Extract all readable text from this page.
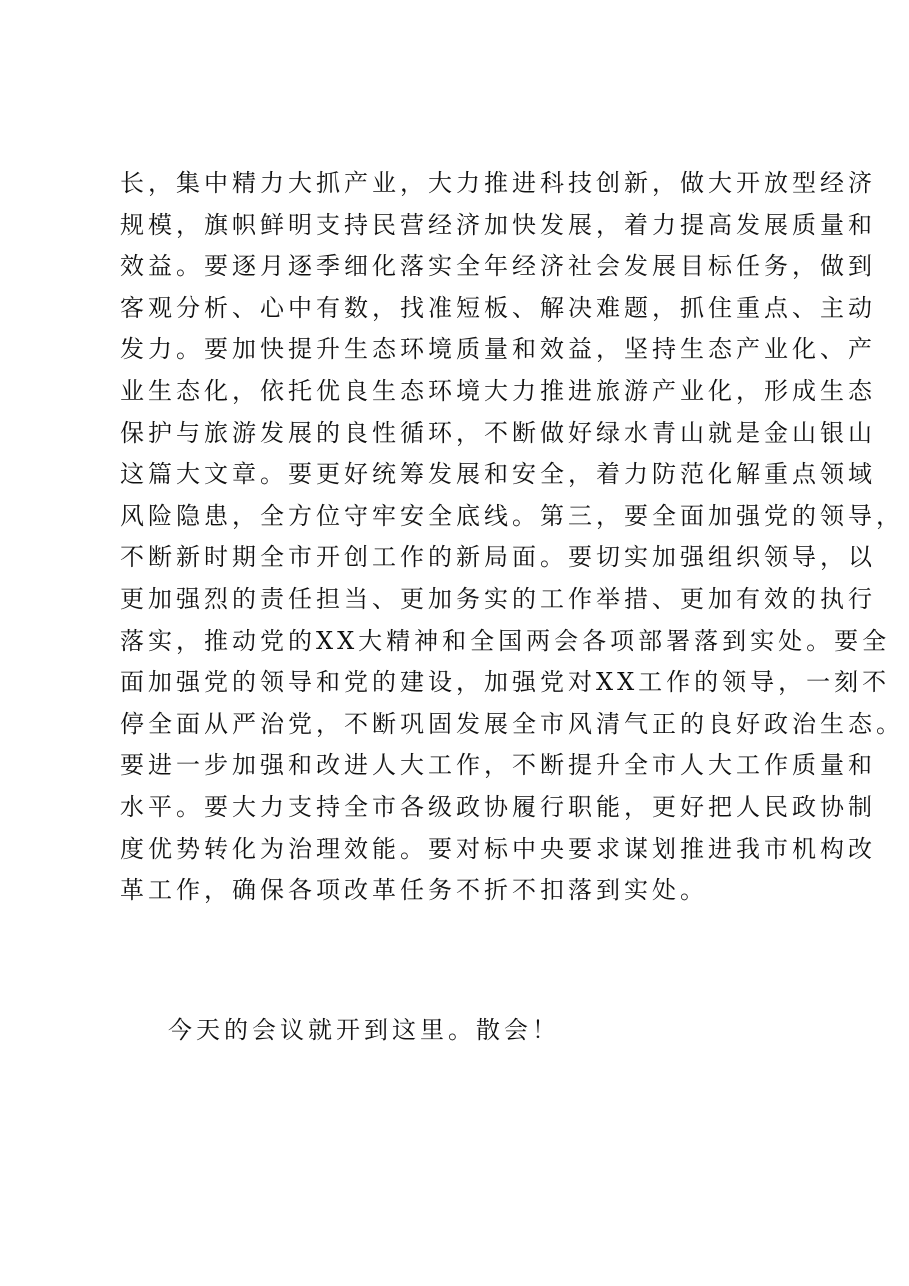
长，集中精力大抓产业，大力推进科技创新，做大开放型经济
规模，旗帜鲜明支持民营经济加快发展，着力提高发展质量和
效益。要逐月逐季细化落实全年经济社会发展目标任务，做到
客观分析、心中有数，找准短板、解决难题，抓住重点、主动
发力。要加快提升生态环境质量和效益，坚持生态产业化、产
业生态化，依托优良生态环境大力推进旅游产业化，形成生态
保护与旅游发展的良性循环，不断做好绿水青山就是金山银山
这篇大文章。要更好统筹发展和安全，着力防范化解重点领域
风险隐患，全方位守牢安全底线。第三，要全面加强党的领导，
不断新时期全市开创工作的新局面。要切实加强组织领导，以
更加强烈的责任担当、更加务实的工作举措、更加有效的执行
落实，推动党的XX大精神和全国两会各项部署落到实处。要全
面加强党的领导和党的建设，加强党对XX工作的领导，一刻不
停全面从严治党，不断巩固发展全市风清气正的良好政治生态。
要进一步加强和改进人大工作，不断提升全市人大工作质量和
水平。要大力支持全市各级政协履行职能，更好把人民政协制
度优势转化为治理效能。要对标中央要求谋划推进我市机构改
革工作，确保各项改革任务不折不扣落到实处。
今天的会议就开到这里。散会！
